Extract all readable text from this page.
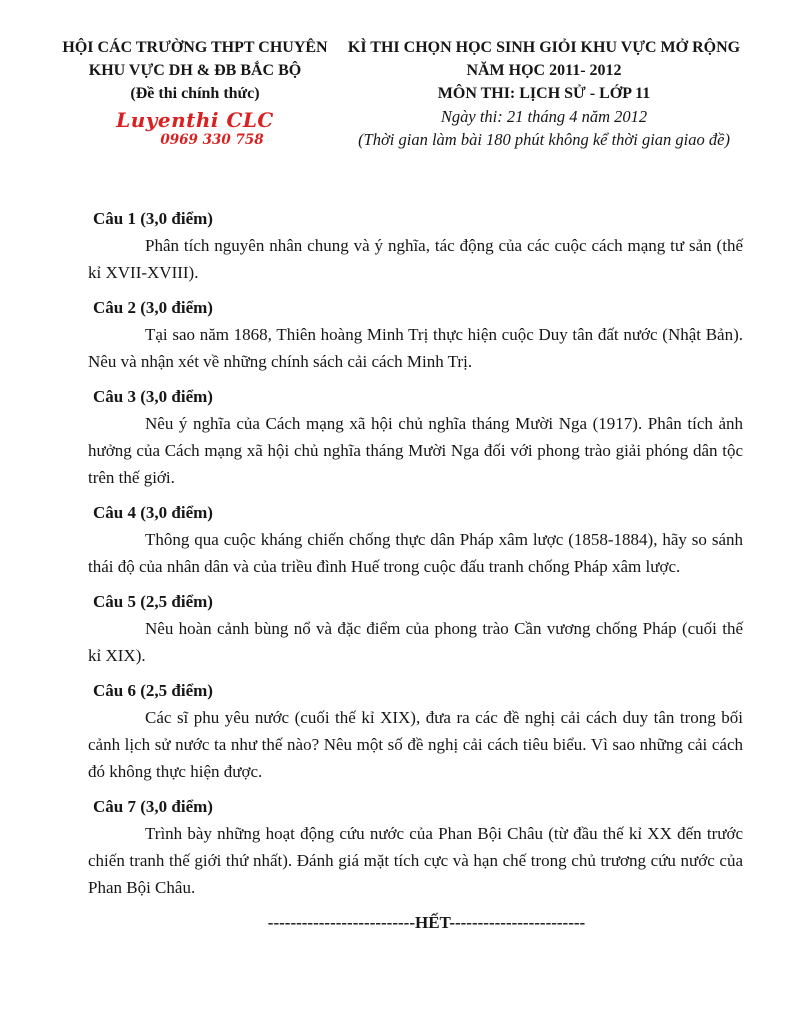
HỘI CÁC TRƯỜNG THPT CHUYÊN
KHU VỰC DH & ĐB BẮC BỘ
(Đề thi chính thức)
Luyenthi CLC
0969 330 758
KÌ THI CHỌN HỌC SINH GIỎI KHU VỰC MỞ RỘNG
NĂM HỌC 2011- 2012
MÔN THI: LỊCH SỬ - LỚP 11
Ngày thi: 21 tháng 4 năm 2012
(Thời gian làm bài 180 phút không kể thời gian giao đề)
Câu 1 (3,0 điểm)

Phân tích nguyên nhân chung và ý nghĩa, tác động của các cuộc cách mạng tư sản (thế kỉ XVII-XVIII).

Câu 2 (3,0 điểm)

Tại sao năm 1868, Thiên hoàng Minh Trị thực hiện cuộc Duy tân đất nước (Nhật Bản). Nêu và nhận xét về những chính sách cải cách Minh Trị.

Câu 3 (3,0 điểm)

Nêu ý nghĩa của Cách mạng xã hội chủ nghĩa tháng Mười Nga (1917). Phân tích ảnh hưởng của Cách mạng xã hội chủ nghĩa tháng Mười Nga đối với phong trào giải phóng dân tộc trên thế giới.

Câu 4 (3,0 điểm)

Thông qua cuộc kháng chiến chống thực dân Pháp xâm lược (1858-1884), hãy so sánh thái độ của nhân dân và của triều đình Huế trong cuộc đấu tranh chống Pháp xâm lược.

Câu 5 (2,5 điểm)

Nêu hoàn cảnh bùng nổ và đặc điểm của phong trào Cần vương chống Pháp (cuối thế kỉ XIX).

Câu 6 (2,5 điểm)

Các sĩ phu yêu nước (cuối thế kỉ XIX), đưa ra các đề nghị cải cách duy tân trong bối cảnh lịch sử nước ta như thế nào? Nêu một số đề nghị cải cách tiêu biểu. Vì sao những cải cách đó không thực hiện được.

Câu 7 (3,0 điểm)

Trình bày những hoạt động cứu nước của Phan Bội Châu (từ đầu thế kỉ XX đến trước chiến tranh thế giới thứ nhất). Đánh giá mặt tích cực và hạn chế trong chủ trương cứu nước của Phan Bội Châu.

--------------------------HẾT------------------------
